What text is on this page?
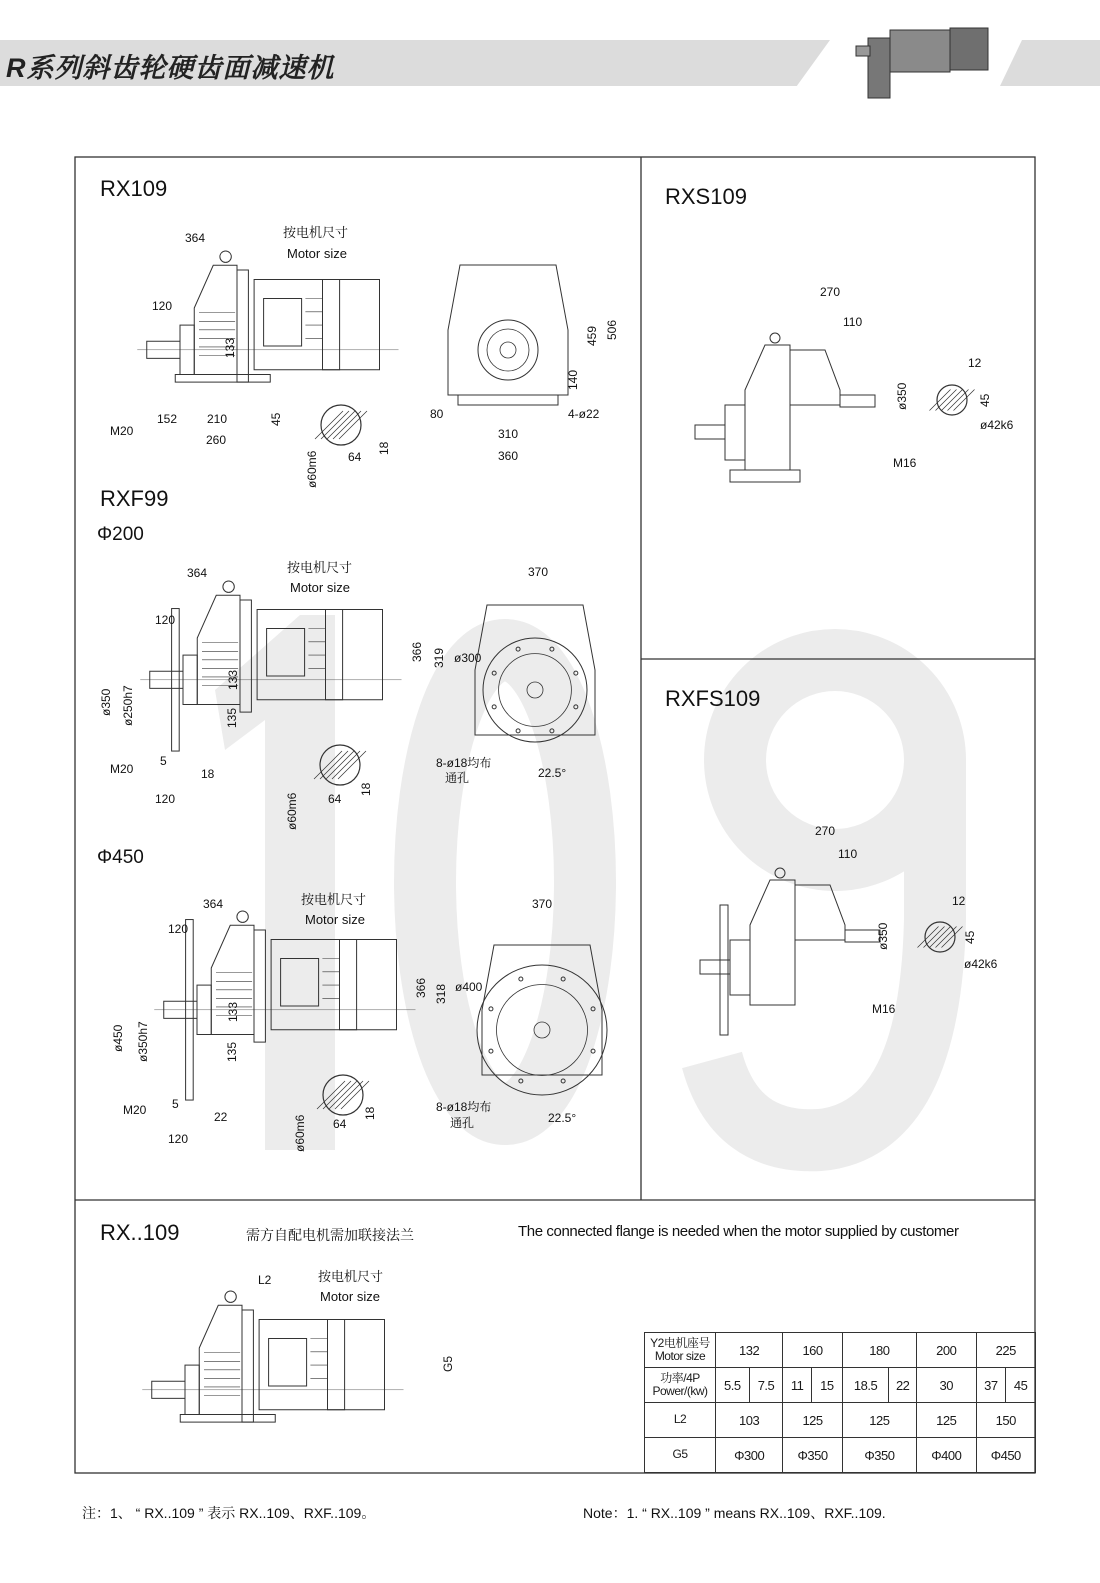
R系列斜齿轮硬齿面减速机
RX109
RXF99
Φ200
Φ450
RXS109
RXFS109
RX..109	需方自配电机需加联接法兰	The connected flange is needed when the motor supplied by customer
364	按电机尺寸
Motor size
120
133
M20
152 210
260
45
ø60m6 64
18
506
459
140
80	4-ø22
310
360
364	按电机尺寸
Motor size
120
366 319 ø300
370
ø350 ø250h7
133
135
M20
5
18
120	ø60m6 64
18
8-ø18均布
通孔	22.5°
364	按电机尺寸
Motor size
120
370
366 318 ø400
ø450 ø350h7
133
135
M20 5
22
120	ø60m6 64
18	8-ø18均布
通孔	22.5°
270
110
ø350
M16
12
45
ø42k6
270
110
ø350
M16
12
45
ø42k6
L2	按电机尺寸
Motor size
G5
Y2电机座号
Motor size	132		160		180		200	225	
功率/4P
Power/(kw)	5.5	7.5	11	15	18.5	22	30	37	45
L2	103		125		125		125	150	
G5	Φ300		Φ350		Φ350		Φ400	Φ450	
注：1、 “ RX..109 ” 表示 RX..109、RXF..109。	Note：1. “ RX..109 ” means RX..109、RXF..109.
